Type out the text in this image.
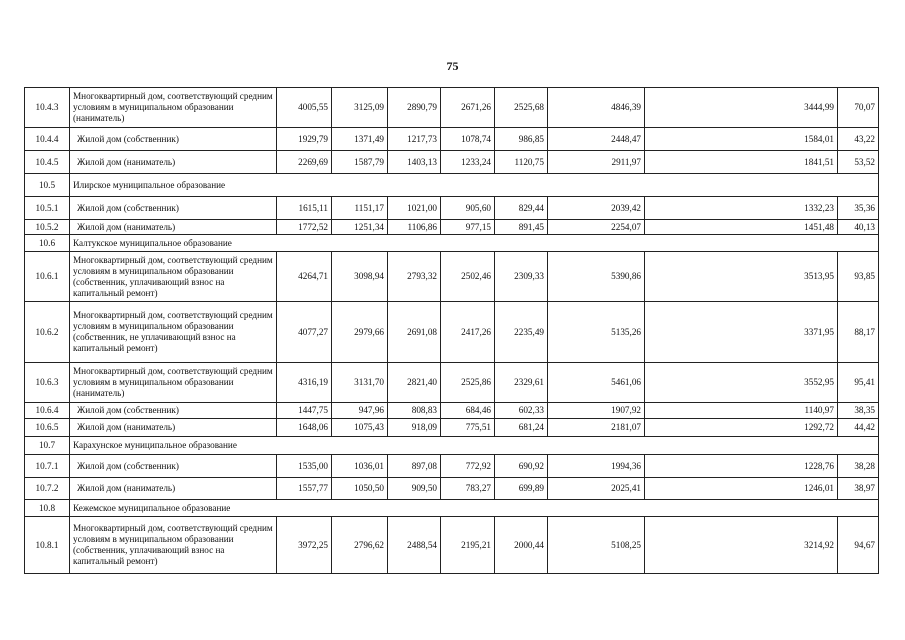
75
10.4.3	Многоквартирный дом, соответствующий средним условиям в муниципальном образовании (наниматель)	4005,55	3125,09	2890,79	2671,26	2525,68	4846,39	3444,99	70,07
10.4.4	Жилой дом (собственник)	1929,79	1371,49	1217,73	1078,74	986,85	2448,47	1584,01	43,22
10.4.5	Жилой дом (наниматель)	2269,69	1587,79	1403,13	1233,24	1120,75	2911,97	1841,51	53,52
10.5	Илирское муниципальное образование								
10.5.1	Жилой дом (собственник)	1615,11	1151,17	1021,00	905,60	829,44	2039,42	1332,23	35,36
10.5.2	Жилой дом (наниматель)	1772,52	1251,34	1106,86	977,15	891,45	2254,07	1451,48	40,13
10.6	Калтукское муниципальное образование								
10.6.1	Многоквартирный дом, соответствующий средним условиям в муниципальном образовании (собственник, уплачивающий взнос на капитальный ремонт)	4264,71	3098,94	2793,32	2502,46	2309,33	5390,86	3513,95	93,85
10.6.2	Многоквартирный дом, соответствующий средним условиям в муниципальном образовании (собственник, не уплачивающий взнос на капитальный ремонт)	4077,27	2979,66	2691,08	2417,26	2235,49	5135,26	3371,95	88,17
10.6.3	Многоквартирный дом, соответствующий средним условиям в муниципальном образовании (наниматель)	4316,19	3131,70	2821,40	2525,86	2329,61	5461,06	3552,95	95,41
10.6.4	Жилой дом (собственник)	1447,75	947,96	808,83	684,46	602,33	1907,92	1140,97	38,35
10.6.5	Жилой дом (наниматель)	1648,06	1075,43	918,09	775,51	681,24	2181,07	1292,72	44,42
10.7	Карахунское муниципальное образование								
10.7.1	Жилой дом (собственник)	1535,00	1036,01	897,08	772,92	690,92	1994,36	1228,76	38,28
10.7.2	Жилой дом (наниматель)	1557,77	1050,50	909,50	783,27	699,89	2025,41	1246,01	38,97
10.8	Кежемское муниципальное образование								
10.8.1	Многоквартирный дом, соответствующий средним условиям в муниципальном образовании (собственник, уплачивающий взнос на капитальный ремонт)	3972,25	2796,62	2488,54	2195,21	2000,44	5108,25	3214,92	94,67
